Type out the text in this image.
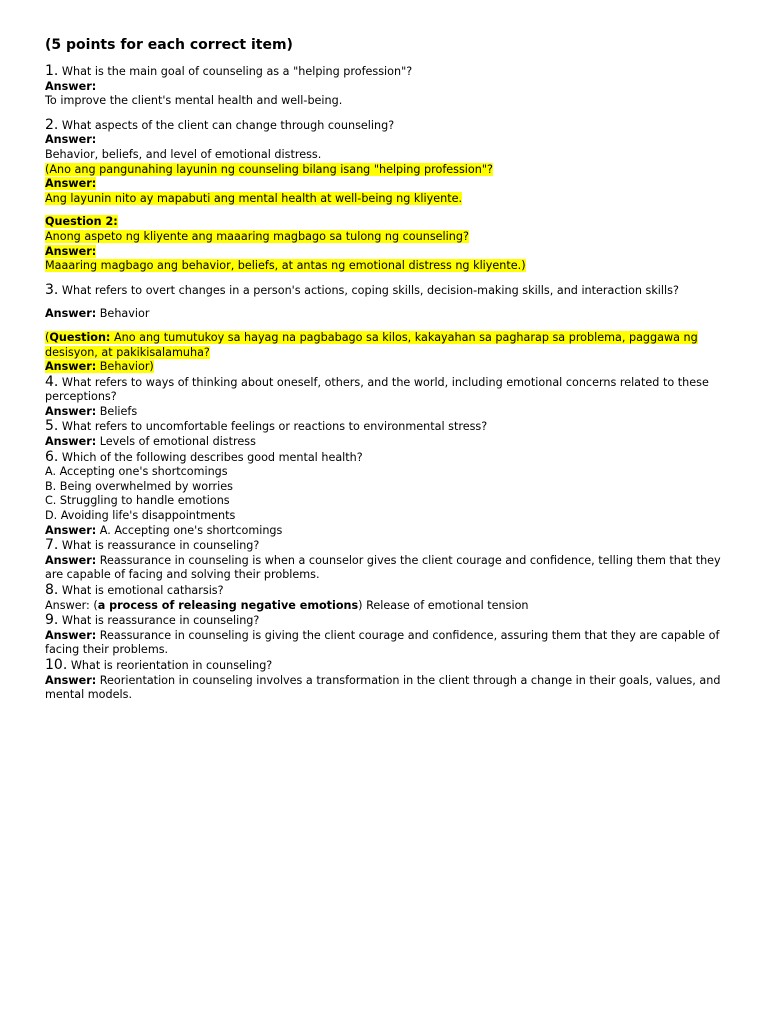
(5 points for each correct item)

1. What is the main goal of counseling as a "helping profession"?

Answer:

To improve the client's mental health and well-being.

2. What aspects of the client can change through counseling?

Answer:

Behavior, beliefs, and level of emotional distress.

(Ano ang pangunahing layunin ng counseling bilang isang "helping profession"?

Answer:

Ang layunin nito ay mapabuti ang mental health at well-being ng kliyente.

Question 2:

Anong aspeto ng kliyente ang maaaring magbago sa tulong ng counseling?

Answer:

Maaaring magbago ang behavior, beliefs, at antas ng emotional distress ng kliyente.)

3. What refers to overt changes in a person's actions, coping skills, decision-making skills, and interaction skills?

Answer: Behavior

(Question: Ano ang tumutukoy sa hayag na pagbabago sa kilos, kakayahan sa pagharap sa problema, paggawa ng desisyon, at pakikisalamuha?

Answer: Behavior)

4. What refers to ways of thinking about oneself, others, and the world, including emotional concerns related to these perceptions?

Answer: Beliefs

5. What refers to uncomfortable feelings or reactions to environmental stress?

Answer: Levels of emotional distress

6. Which of the following describes good mental health?

A. Accepting one's shortcomings

B. Being overwhelmed by worries

C. Struggling to handle emotions

D. Avoiding life's disappointments

Answer: A. Accepting one's shortcomings

7. What is reassurance in counseling?

Answer: Reassurance in counseling is when a counselor gives the client courage and confidence, telling them that they are capable of facing and solving their problems.

8. What is emotional catharsis?

Answer: (a process of releasing negative emotions) Release of emotional tension

9. What is reassurance in counseling?

Answer: Reassurance in counseling is giving the client courage and confidence, assuring them that they are capable of facing their problems.

10. What is reorientation in counseling?

Answer: Reorientation in counseling involves a transformation in the client through a change in their goals, values, and mental models.
